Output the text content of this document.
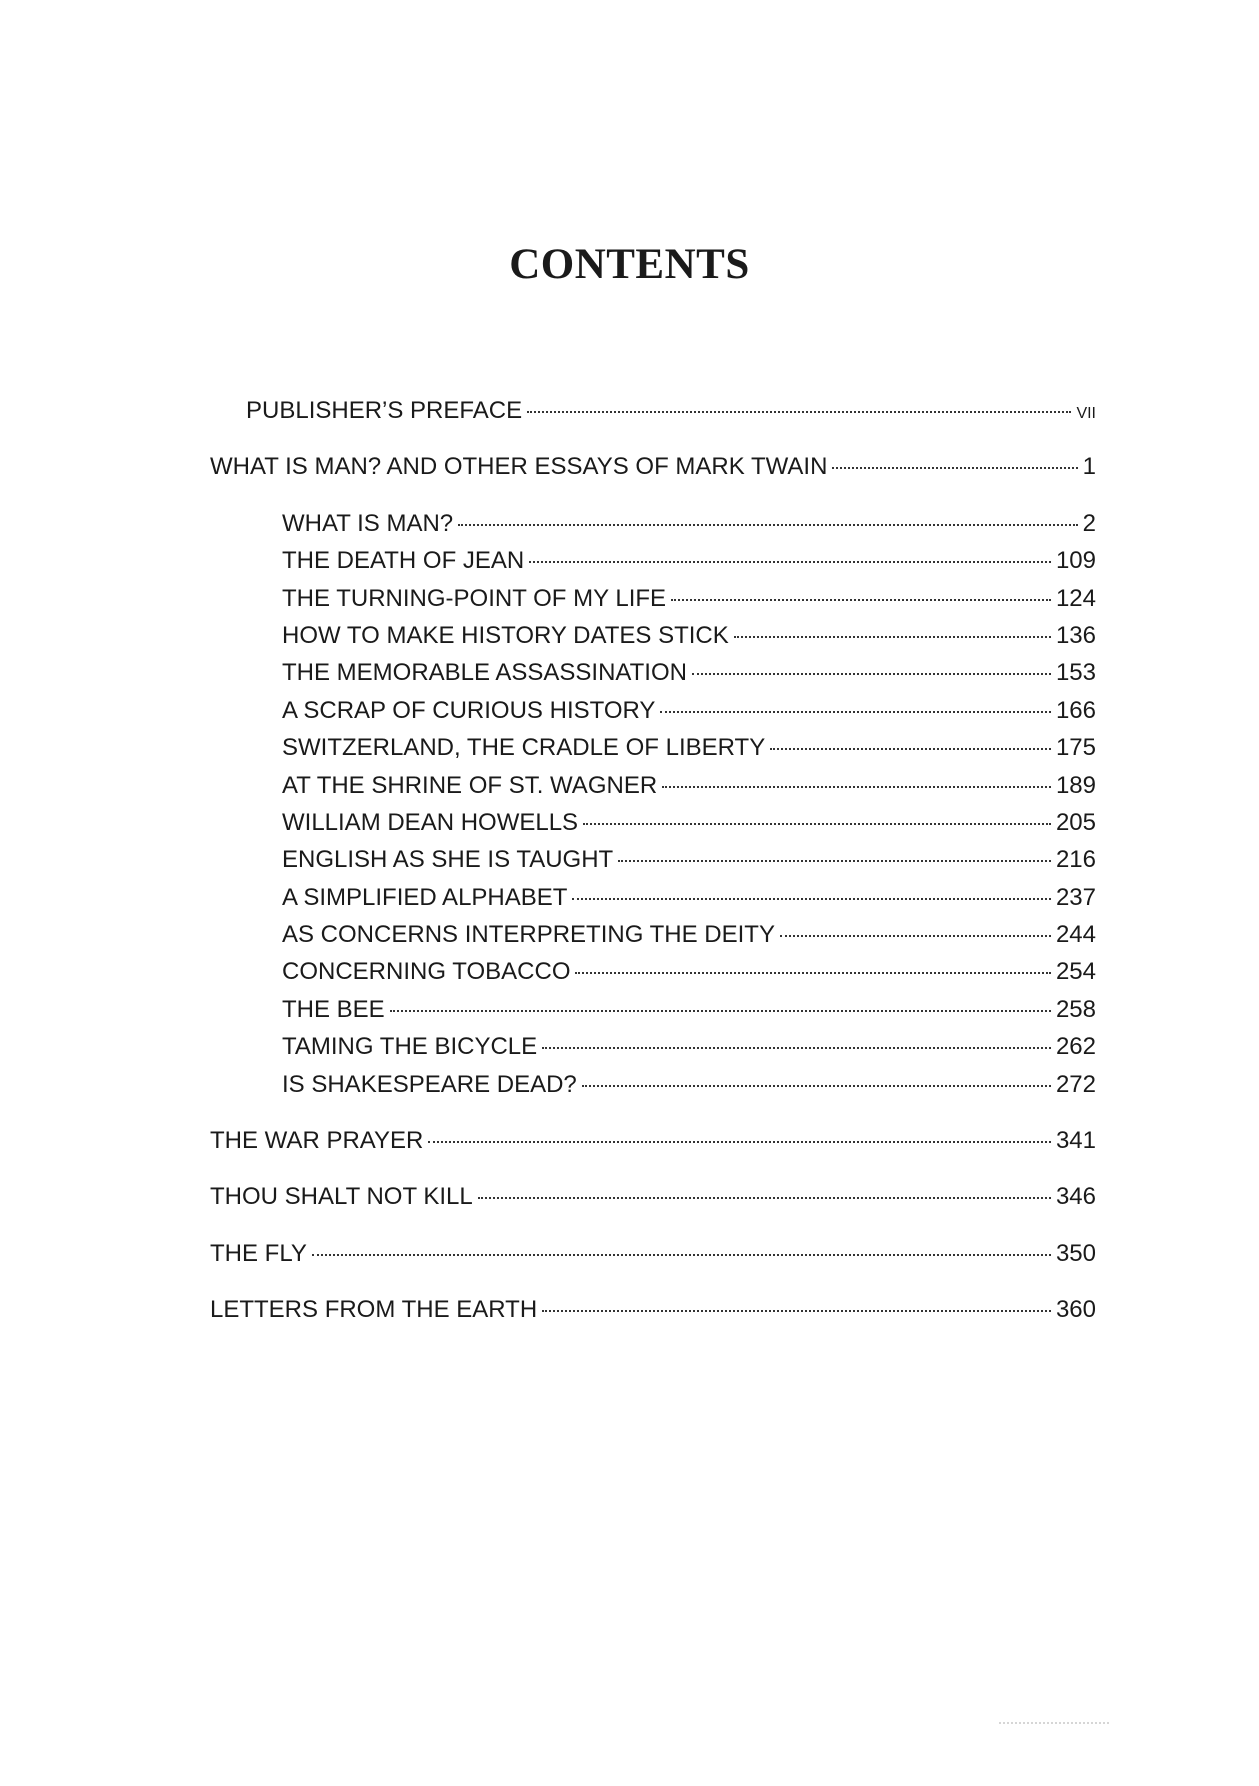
CONTENTS
PUBLISHER’S PREFACE	VII
WHAT IS MAN? AND OTHER ESSAYS OF MARK TWAIN	1
WHAT IS MAN?	2
THE DEATH OF JEAN	109
THE TURNING-POINT OF MY LIFE	124
HOW TO MAKE HISTORY DATES STICK	136
THE MEMORABLE ASSASSINATION	153
A SCRAP OF CURIOUS HISTORY	166
SWITZERLAND, THE CRADLE OF LIBERTY	175
AT THE SHRINE OF ST. WAGNER	189
WILLIAM DEAN HOWELLS	205
ENGLISH AS SHE IS TAUGHT	216
A SIMPLIFIED ALPHABET	237
AS CONCERNS INTERPRETING THE DEITY	244
CONCERNING TOBACCO	254
THE BEE	258
TAMING THE BICYCLE	262
IS SHAKESPEARE DEAD?	272
THE WAR PRAYER	341
THOU SHALT NOT KILL	346
THE FLY	350
LETTERS FROM THE EARTH	360
